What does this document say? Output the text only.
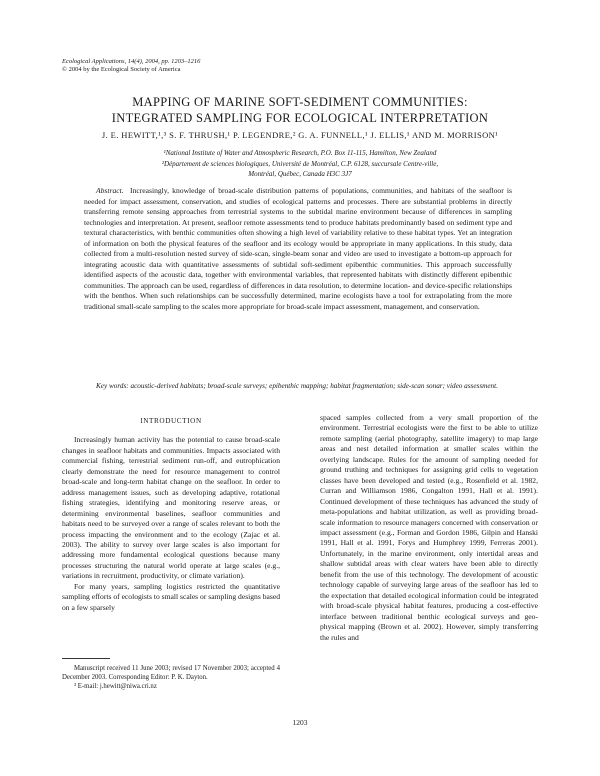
Ecological Applications, 14(4), 2004, pp. 1203–1216
© 2004 by the Ecological Society of America
MAPPING OF MARINE SOFT-SEDIMENT COMMUNITIES:
INTEGRATED SAMPLING FOR ECOLOGICAL INTERPRETATION
J. E. HEWITT,¹,³ S. F. THRUSH,¹ P. LEGENDRE,² G. A. FUNNELL,¹ J. ELLIS,¹ AND M. MORRISON¹
¹National Institute of Water and Atmospheric Research, P.O. Box 11-115, Hamilton, New Zealand
²Département de sciences biologiques, Université de Montréal, C.P. 6128, succursale Centre-ville,
Montréal, Québec, Canada H3C 3J7
Abstract. Increasingly, knowledge of broad-scale distribution patterns of populations, communities, and habitats of the seafloor is needed for impact assessment, conservation, and studies of ecological patterns and processes. There are substantial problems in directly transferring remote sensing approaches from terrestrial systems to the subtidal marine environment because of differences in sampling technologies and interpretation. At present, seafloor remote assessments tend to produce habitats predominantly based on sediment type and textural characteristics, with benthic communities often showing a high level of variability relative to these habitat types. Yet an integration of information on both the physical features of the seafloor and its ecology would be appropriate in many applications. In this study, data collected from a multi-resolution nested survey of side-scan, single-beam sonar and video are used to investigate a bottom-up approach for integrating acoustic data with quantitative assessments of subtidal soft-sediment epibenthic communities. This approach successfully identified aspects of the acoustic data, together with environmental variables, that represented habitats with distinctly different epibenthic communities. The approach can be used, regardless of differences in data resolution, to determine location- and device-specific relationships with the benthos. When such relationships can be successfully determined, marine ecologists have a tool for extrapolating from the more traditional small-scale sampling to the scales more appropriate for broad-scale impact assessment, management, and conservation.
Key words: acoustic-derived habitats; broad-scale surveys; epibenthic mapping; habitat fragmentation; side-scan sonar; video assessment.
INTRODUCTION

Increasingly human activity has the potential to cause broad-scale changes in seafloor habitats and communities. Impacts associated with commercial fishing, terrestrial sediment run-off, and eutrophication clearly demonstrate the need for resource management to control broad-scale and long-term habitat change on the seafloor. In order to address management issues, such as developing adaptive, rotational fishing strategies, identifying and monitoring reserve areas, or determining environmental baselines, seafloor communities and habitats need to be surveyed over a range of scales relevant to both the process impacting the environment and to the ecology (Zajac et al. 2003). The ability to survey over large scales is also important for addressing more fundamental ecological questions because many processes structuring the natural world operate at large scales (e.g., variations in recruitment, productivity, or climate variation).

For many years, sampling logistics restricted the quantitative sampling efforts of ecologists to small scales or sampling designs based on a few sparsely

spaced samples collected from a very small proportion of the environment. Terrestrial ecologists were the first to be able to utilize remote sampling (aerial photography, satellite imagery) to map large areas and nest detailed information at smaller scales within the overlying landscape. Rules for the amount of sampling needed for ground truthing and techniques for assigning grid cells to vegetation classes have been developed and tested (e.g., Rosenfield et al. 1982, Curran and Williamson 1986, Congalton 1991, Hall et al. 1991). Continued development of these techniques has advanced the study of meta-populations and habitat utilization, as well as providing broad-scale information to resource managers concerned with conservation or impact assessment (e.g., Forman and Gordon 1986, Gilpin and Hanski 1991, Hall et al. 1991, Forys and Humphrey 1999, Ferreras 2001). Unfortunately, in the marine environment, only intertidal areas and shallow subtidal areas with clear waters have been able to directly benefit from the use of this technology. The development of acoustic technology capable of surveying large areas of the seafloor has led to the expectation that detailed ecological information could be integrated with broad-scale physical habitat features, producing a cost-effective interface between traditional benthic ecological surveys and geo-physical mapping (Brown et al. 2002). However, simply transferring the rules and

Manuscript received 11 June 2003; revised 17 November 2003; accepted 4 December 2003. Corresponding Editor: P. K. Dayton.

³ E-mail: j.hewitt@niwa.cri.nz

1203
